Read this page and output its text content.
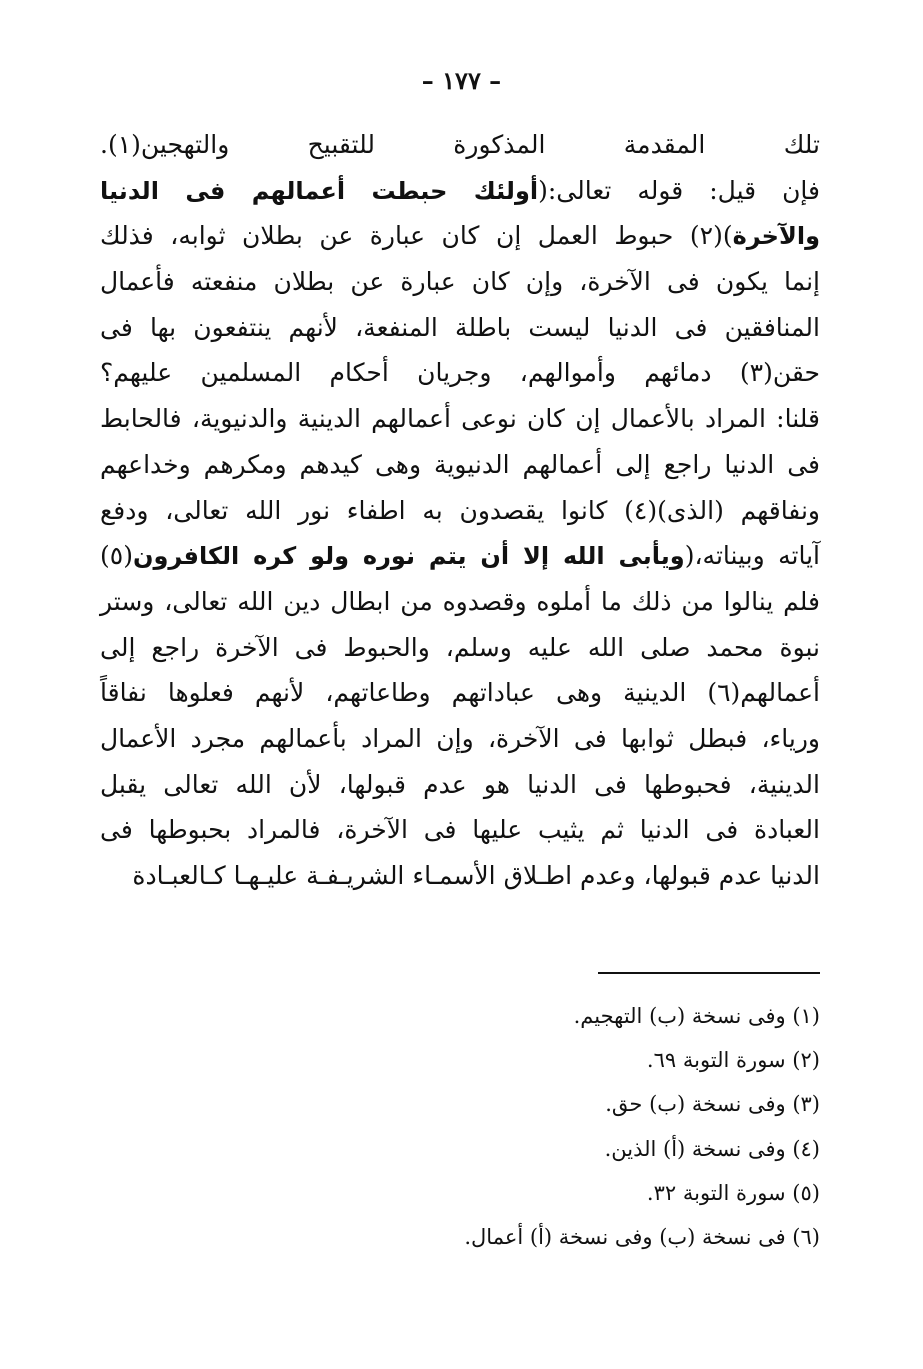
– ١٧٧ –
تلك المقدمة المذكورة للتقبيح والتهجين(١).
فإن قيل: قوله تعالى:(أولئك حبطت أعمالهم فى الدنيا
والآخرة)(٢) حبوط العمل إن كان عبارة عن بطلان ثوابه، فذلك
إنما يكون فى الآخرة، وإن كان عبارة عن بطلان منفعته فأعمال
المنافقين فى الدنيا ليست باطلة المنفعة، لأنهم ينتفعون بها فى
حقن(٣) دمائهم وأموالهم، وجريان أحكام المسلمين عليهم؟
قلنا: المراد بالأعمال إن كان نوعى أعمالهم الدينية والدنيوية، فالحابط
فى الدنيا راجع إلى أعمالهم الدنيوية وهى كيدهم ومكرهم وخداعهم
ونفاقهم (الذى)(٤) كانوا يقصدون به اطفاء نور الله تعالى، ودفع
آياته وبيناته،(ويأبى الله إلا أن يتم نوره ولو كره الكافرون(٥)
فلم ينالوا من ذلك ما أملوه وقصدوه من ابطال دين الله تعالى، وستر
نبوة محمد صلى الله عليه وسلم، والحبوط فى الآخرة راجع إلى
أعمالهم(٦) الدينية وهى عباداتهم وطاعاتهم، لأنهم فعلوها نفاقاً
ورياء، فبطل ثوابها فى الآخرة، وإن المراد بأعمالهم مجرد الأعمال
الدينية، فحبوطها فى الدنيا هو عدم قبولها، لأن الله تعالى يقبل
العبادة فى الدنيا ثم يثيب عليها فى الآخرة، فالمراد بحبوطها فى
الدنيا عدم قبولها، وعدم اطـلاق الأسمـاء الشريـفـة عليـهـا كـالعبـادة
(١) وفى نسخة (ب) التهجيم.
(٢) سورة التوبة ٦٩.
(٣) وفى نسخة (ب) حق.
(٤) وفى نسخة (أ) الذين.
(٥) سورة التوبة ٣٢.
(٦) فى نسخة (ب) وفى نسخة (أ) أعمال.
